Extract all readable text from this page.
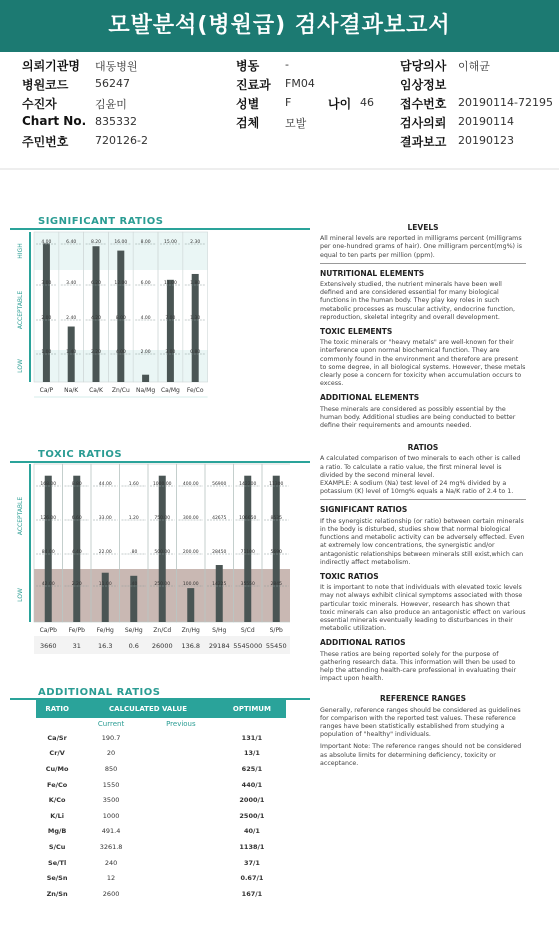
모발분석(병원급) 검사결과보고서
의뢰기관명 대동병원
병원코드 56247
수진자	김윤미
Chart No. 835332
주민번호 720126-2
병동 -
진료과 FM04
성별 F	나이 46
검체 모발
담당의사 이해균
임상정보
접수번호 20190114-72195
검사의뢰 20190114
결과보고 20190123
SIGNIFICANT RATIOS
HIGH
ACCEPTABLE
LOW
4.00
3.00
2.00
1.00
Ca/P
6.40
3.40
2.40
1.40
Na/K
8.20
6.20
4.20
2.20
Ca/K
16.00
12.00
8.00
4.00
Zn/Cu
8.00
6.00
4.00
2.00
Na/Mg
15.00
11.00
7.00
3.00
Ca/Mg
2.30
1.80
1.30
0.80
Fe/Co
TOXIC RATIOS
ACCEPTABLE
LOW
168.00
126.00
84.00
42.00
Ca/Pb
8.80
6.60
4.40
2.20
Fe/Pb
44.00
33.00
22.00
11.00
Fe/Hg
1.60
1.20
.80
.40
Se/Hg
1000.00
750.00
500.00
250.00
Zn/Cd
400.00
300.00
200.00
100.00
Zn/Hg
56900
42675
28450
14225
S/Hg
142200
106650
71100
35550
S/Cd
11300
8535
5690
2845
S/Pb
3660 31	16.3 0.6 26000 136.8 29184 5545000 55450
ADDITIONAL RATIOS
RATIO	CALCULATED VALUE		OPTIMUM
	Current	Previous	
Ca/Sr	190.7		131/1
Cr/V	20		13/1
Cu/Mo	850		625/1
Fe/Co	1550		440/1
K/Co	3500		2000/1
K/Li	1000		2500/1
Mg/B	491.4		40/1
S/Cu	3261.8		1138/1
Se/Tl	240		37/1
Se/Sn	12		0.67/1
Zn/Sn	2600		167/1
LEVELS

All mineral levels are reported in milligrams percent (milligrams per one-hundred grams of hair). One milligram percent(mg%) is equal to ten parts per million (ppm).

NUTRITIONAL ELEMENTS

Extensively studied, the nutrient minerals have been well defined and are considered essential for many biological functions in the human body. They play key roles in such metabolic processes as muscular activity, endocrine function, reproduction, skeletal integrity and overall development.

TOXIC ELEMENTS

The toxic minerals or "heavy metals" are well-known for their interference upon normal biochemical function. They are commonly found in the environment and therefore are present to some degree, in all biological systems. However, these metals clearly pose a concern for toxicity when accumulation occurs to excess.

ADDITIONAL ELEMENTS

These minerals are considered as possibly essential by the human body. Additional studies are being conducted to better define their requirements and amounts needed.

RATIOS

A calculated comparison of two minerals to each other is called a ratio. To calculate a ratio value, the first mineral level is divided by the second mineral level.

EXAMPLE: A sodium (Na) test level of 24 mg% divided by a potassium (K) level of 10mg% equals a Na/K ratio of 2.4 to 1.

SIGNIFICANT RATIOS

If the synergistic relationship (or ratio) between certain minerals in the body is disturbed, studies show that normal biological functions and metabolic activity can be adversely effected. Even at extremely low concentrations, the synergistic and/or antagonistic relationships between minerals still exist,which can indirectly affect metabolism.

TOXIC RATIOS

It is important to note that individuals with elevated toxic levels may not always exhibit clinical symptoms associated with those particular toxic minerals. However, research has shown that toxic minerals can also produce an antagonistic effect on various essential minerals eventually leading to disturbances in their metabolic utilization.

ADDITIONAL RATIOS

These ratios are being reported solely for the purpose of gathering research data. This information will then be used to help the attending health-care professional in evaluating their impact upon health.

REFERENCE RANGES

Generally, reference ranges should be considered as guidelines for comparison with the reported test values. These reference ranges have been statistically established from studying a population of "healthy" individuals.

Important Note: The reference ranges should not be considered as absolute limits for determining deficiency, toxicity or acceptance.
